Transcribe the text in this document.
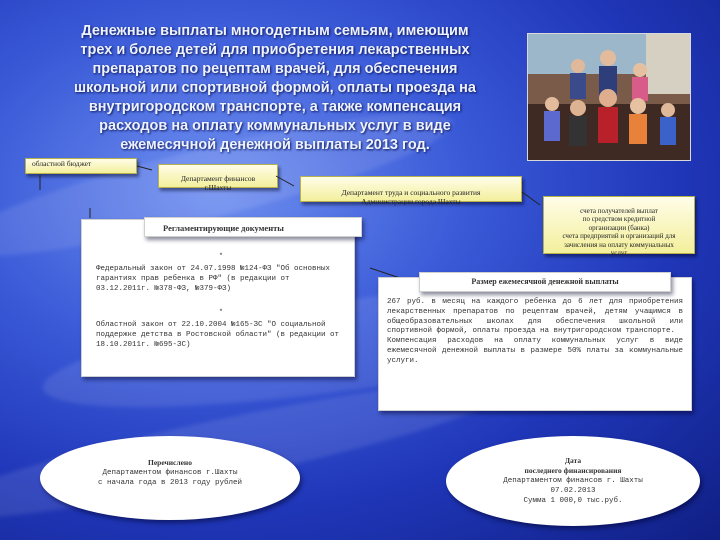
Денежные выплаты многодетным семьям, имеющим
трех и более детей для приобретения лекарственных
препаратов по рецептам врачей, для обеспечения
школьной или спортивной формой, оплаты проезда на
внутригородском транспорте, а также компенсация
расходов на оплату коммунальных услуг в виде
ежемесячной денежной выплаты 2013 год.
областной бюджет

Департамент финансов
г.Шахты

Департамент труда и социального развития
Администрации города Шахты

счета получателей выплат
по средством кредитной
организации (банка)
счета предприятий и организаций для
зачисления на оплату коммунальных
услуг

Регламентирующие документы
*
Федеральный закон от 24.07.1998 №124-ФЗ "Об основных гарантиях прав ребенка в РФ" (в редакции от 03.12.2011г. №378-ФЗ, №379-ФЗ)
*
Областной закон от 22.10.2004 №165-ЗС "О социальной поддержке детства в Ростовской области" (в редакции от 18.10.2011г. №695-ЗС)
Размер ежемесячной денежной выплаты
267 руб. в месяц на каждого ребенка до 6 лет для приобретения лекарственных препаратов по рецептам врачей, детям учащимся в общеобразовательных школах для обеспечения школьной или спортивной формой, оплаты проезда на внутригородском транспорте.
Компенсация расходов на оплату коммунальных услуг в виде ежемесячной денежной выплаты в размере 50% платы за коммунальные услуги.
Перечислено
Департаментом финансов г.Шахты
с начала года в 2013 году рублей
Дата
последнего финансирования
Департаментом финансов г. Шахты
07.02.2013
Сумма 1 000,0 тыс.руб.
